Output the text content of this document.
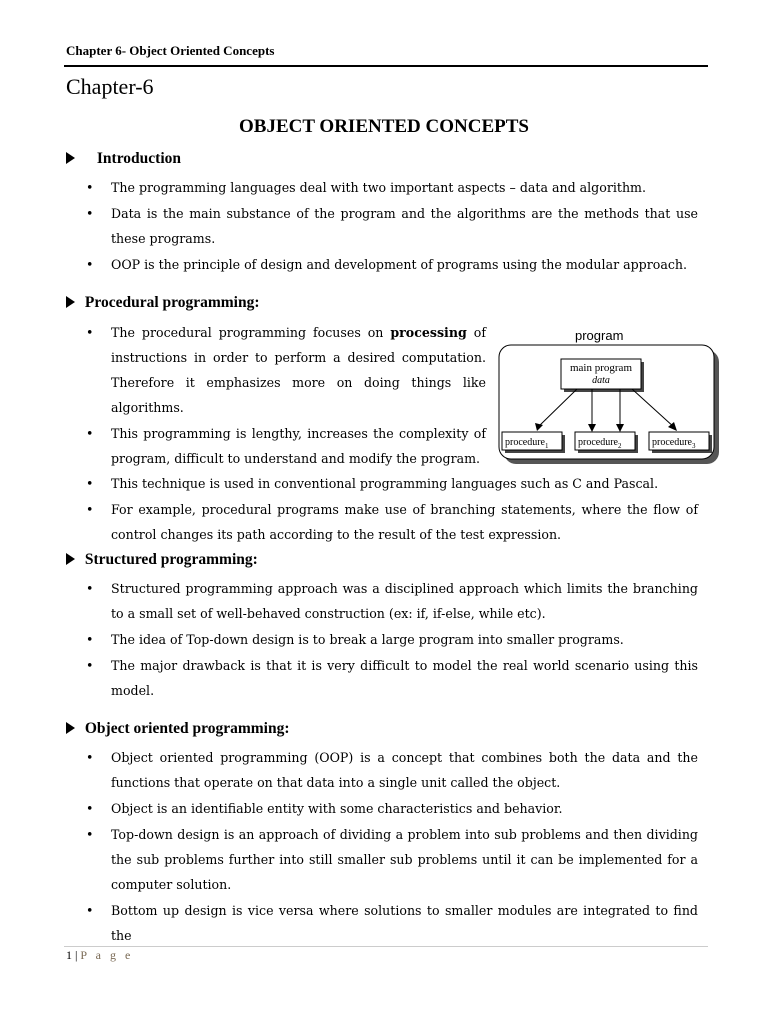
Chapter 6- Object Oriented Concepts
Chapter-6
OBJECT ORIENTED CONCEPTS
Introduction
• The programming languages deal with two important aspects – data and algorithm.
• Data is the main substance of the program and the algorithms are the methods that use these programs.
• OOP is the principle of design and development of programs using the modular approach.
Procedural programming:
• The procedural programming focuses on processing of instructions in order to perform a desired computation. Therefore it emphasizes more on doing things like algorithms.
• This programming is lengthy, increases the complexity of program, difficult to understand and modify the program.
• This technique is used in conventional programming languages such as C and Pascal.
• For example, procedural programs make use of branching statements, where the flow of control changes its path according to the result of the test expression.
program
main program
data
procedure$_1$	procedure$_2$	procedure$_3$
Structured programming:
• Structured programming approach was a disciplined approach which limits the branching to a small set of well-behaved construction (ex: if, if-else, while etc).
• The idea of Top-down design is to break a large program into smaller programs.
• The major drawback is that it is very difficult to model the real world scenario using this model.
Object oriented programming:
• Object oriented programming (OOP) is a concept that combines both the data and the functions that operate on that data into a single unit called the object.
• Object is an identifiable entity with some characteristics and behavior.
• Top-down design is an approach of dividing a problem into sub problems and then dividing the sub problems further into still smaller sub problems until it can be implemented for a computer solution.
• Bottom up design is vice versa where solutions to smaller modules are integrated to find the
1 | P a g e
